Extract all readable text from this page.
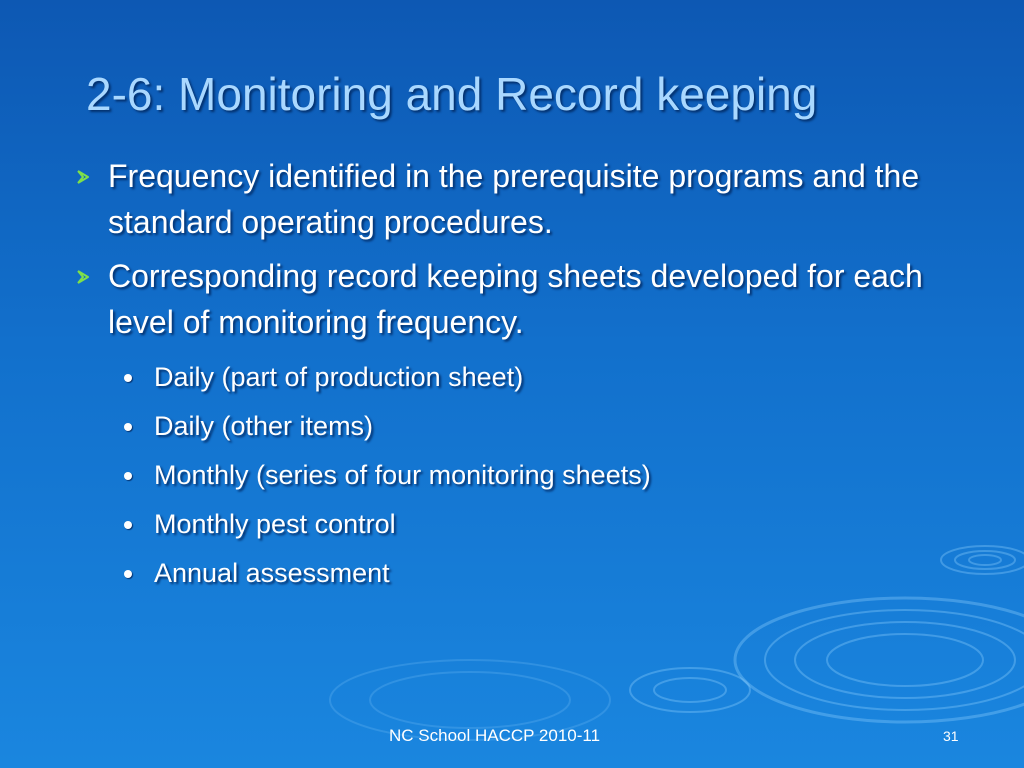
2-6: Monitoring and Record keeping
Frequency identified in the prerequisite programs and the standard operating procedures.
Corresponding record keeping sheets developed for each level of monitoring frequency.
Daily (part of production sheet)
Daily (other items)
Monthly (series of four monitoring sheets)
Monthly pest control
Annual assessment
NC School HACCP 2010-11	31
